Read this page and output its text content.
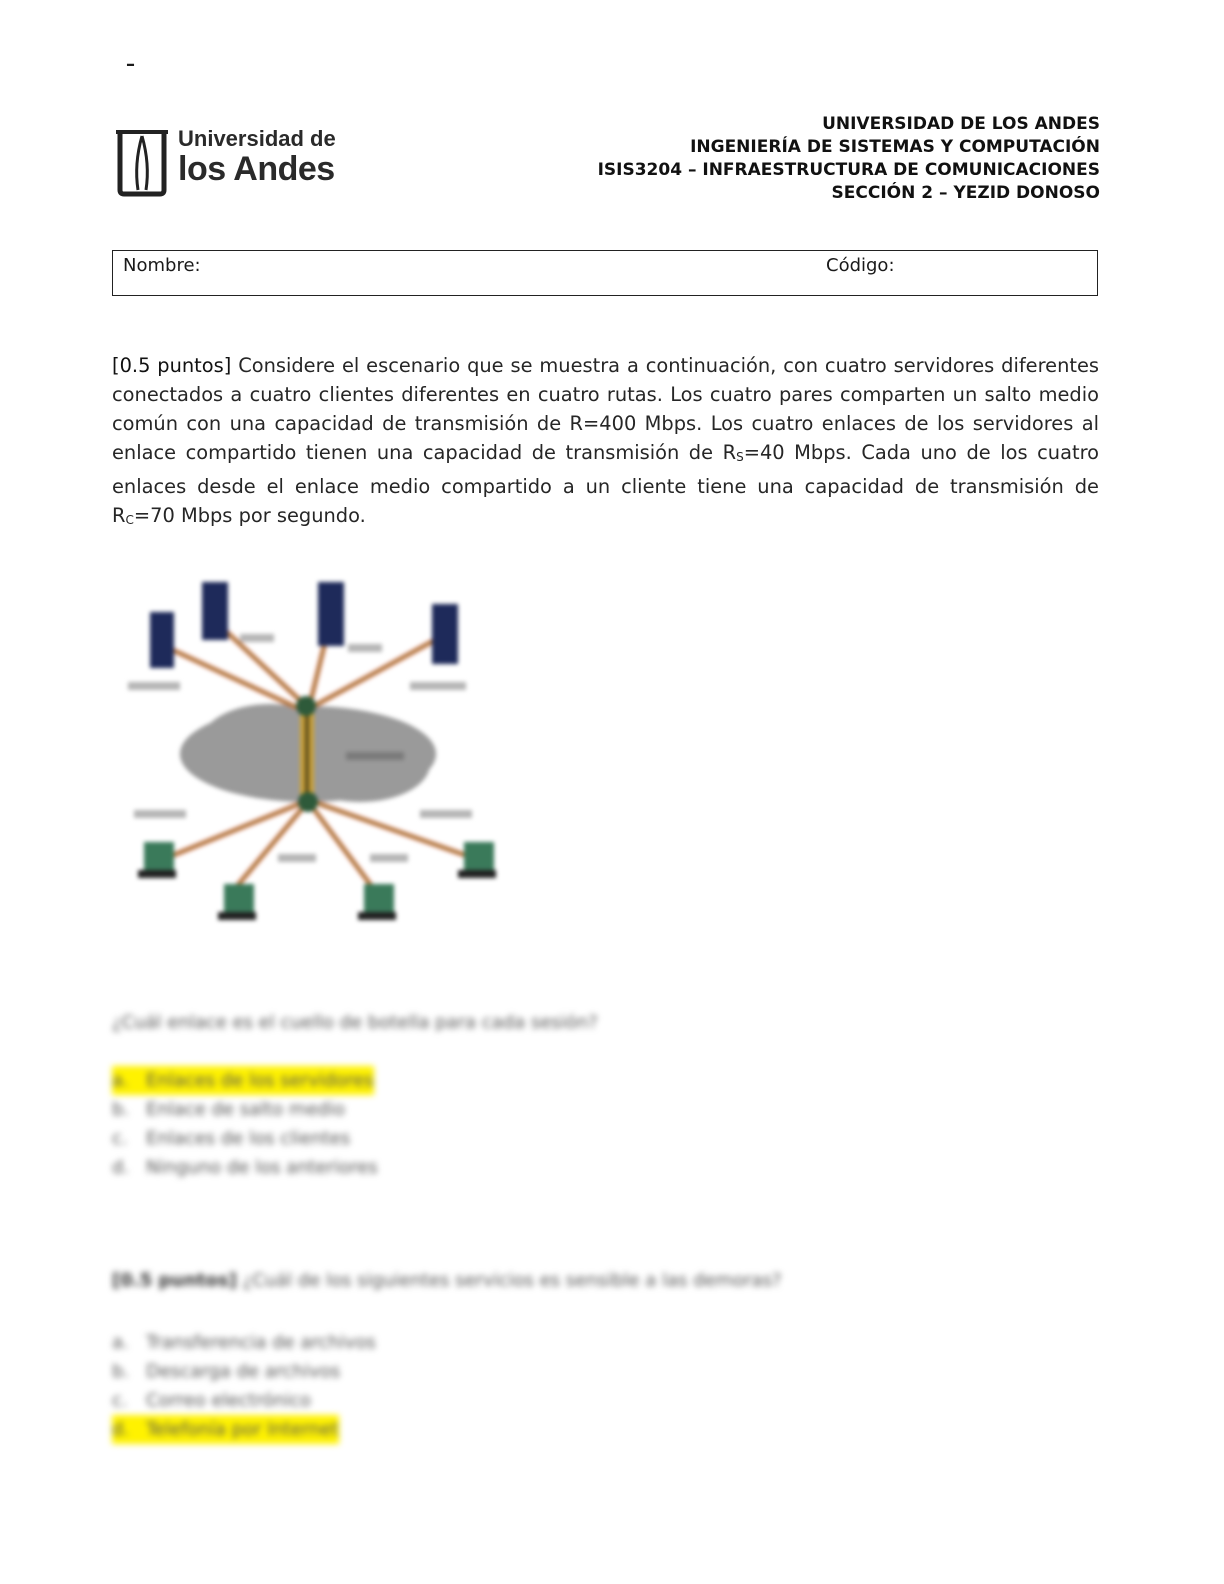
–
Universidad de
los Andes
UNIVERSIDAD DE LOS ANDES
INGENIERÍA DE SISTEMAS Y COMPUTACIÓN
ISIS3204 – INFRAESTRUCTURA DE COMUNICACIONES
SECCIÓN 2 – YEZID DONOSO
Nombre:	Código:
[0.5 puntos] Considere el escenario que se muestra a continuación, con cuatro servidores diferentes conectados a cuatro clientes diferentes en cuatro rutas. Los cuatro pares comparten un salto medio común con una capacidad de transmisión de R=400 Mbps. Los cuatro enlaces de los servidores al enlace compartido tienen una capacidad de transmisión de $R_S=40$ Mbps. Cada uno de los cuatro enlaces desde el enlace medio compartido a un cliente tiene una capacidad de transmisión de $R_C=70$ Mbps por segundo.
¿Cuál enlace es el cuello de botella para cada sesión?
a. Enlaces de los servidores
b. Enlace de salto medio
c. Enlaces de los clientes
d. Ninguno de los anteriores
[0.5 puntos] ¿Cuál de los siguientes servicios es sensible a las demoras?
a. Transferencia de archivos
b. Descarga de archivos
c. Correo electrónico
d. Telefonía por Internet
